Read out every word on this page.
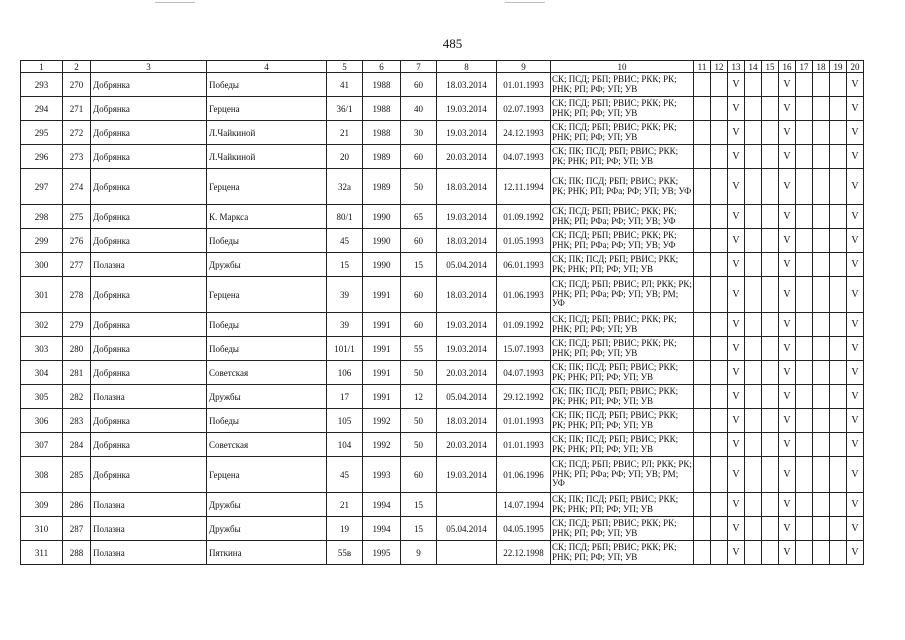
485
1	2	3	4	5	6	7	8	9	10	11	12	13	14	15	16	17	18	19	20
293	270	Добрянка	Победы	41	1988	60	18.03.2014	01.01.1993	СК; ПСД; РБП; РВИС; РКК; РК; РНК; РП; РФ; УП; УВ			V			V				V
294	271	Добрянка	Герцена	36/1	1988	40	19.03.2014	02.07.1993	СК; ПСД; РБП; РВИС; РКК; РК; РНК; РП; РФ; УП; УВ			V			V				V
295	272	Добрянка	Л.Чайкиной	21	1988	30	19.03.2014	24.12.1993	СК; ПСД; РБП; РВИС; РКК; РК; РНК; РП; РФ; УП; УВ			V			V				V
296	273	Добрянка	Л.Чайкиной	20	1989	60	20.03.2014	04.07.1993	СК; ПК; ПСД; РБП; РВИС; РКК; РК; РНК; РП; РФ; УП; УВ			V			V				V
297	274	Добрянка	Герцена	32а	1989	50	18.03.2014	12.11.1994	СК; ПК; ПСД; РБП; РВИС; РКК; РК; РНК; РП; РФа; РФ; УП; УВ; УФ			V			V				V
298	275	Добрянка	К. Маркса	80/1	1990	65	19.03.2014	01.09.1992	СК; ПСД; РБП; РВИС; РКК; РК; РНК; РП; РФа; РФ; УП; УВ; УФ			V			V				V
299	276	Добрянка	Победы	45	1990	60	18.03.2014	01.05.1993	СК; ПСД; РБП; РВИС; РКК; РК; РНК; РП; РФа; РФ; УП; УВ; УФ			V			V				V
300	277	Полазна	Дружбы	15	1990	15	05.04.2014	06.01.1993	СК; ПК; ПСД; РБП; РВИС; РКК; РК; РНК; РП; РФ; УП; УВ			V			V				V
301	278	Добрянка	Герцена	39	1991	60	18.03.2014	01.06.1993	СК; ПСД; РБП; РВИС; РЛ; РКК; РК; РНК; РП; РФа; РФ; УП; УВ; РМ; УФ			V			V				V
302	279	Добрянка	Победы	39	1991	60	19.03.2014	01.09.1992	СК; ПСД; РБП; РВИС; РКК; РК; РНК; РП; РФ; УП; УВ			V			V				V
303	280	Добрянка	Победы	101/1	1991	55	19.03.2014	15.07.1993	СК; ПСД; РБП; РВИС; РКК; РК; РНК; РП; РФ; УП; УВ			V			V				V
304	281	Добрянка	Советская	106	1991	50	20.03.2014	04.07.1993	СК; ПК; ПСД; РБП; РВИС; РКК; РК; РНК; РП; РФ; УП; УВ			V			V				V
305	282	Полазна	Дружбы	17	1991	12	05.04.2014	29.12.1992	СК; ПК; ПСД; РБП; РВИС; РКК; РК; РНК; РП; РФ; УП; УВ			V			V				V
306	283	Добрянка	Победы	105	1992	50	18.03.2014	01.01.1993	СК; ПК; ПСД; РБП; РВИС; РКК; РК; РНК; РП; РФ; УП; УВ			V			V				V
307	284	Добрянка	Советская	104	1992	50	20.03.2014	01.01.1993	СК; ПК; ПСД; РБП; РВИС; РКК; РК; РНК; РП; РФ; УП; УВ			V			V				V
308	285	Добрянка	Герцена	45	1993	60	19.03.2014	01.06.1996	СК; ПСД; РБП; РВИС; РЛ; РКК; РК; РНК; РП; РФа; РФ; УП; УВ; РМ; УФ			V			V				V
309	286	Полазна	Дружбы	21	1994	15		14.07.1994	СК; ПК; ПСД; РБП; РВИС; РКК; РК; РНК; РП; РФ; УП; УВ			V			V				V
310	287	Полазна	Дружбы	19	1994	15	05.04.2014	04.05.1995	СК; ПСД; РБП; РВИС; РКК; РК; РНК; РП; РФ; УП; УВ			V			V				V
311	288	Полазна	Пяткина	55в	1995	9		22.12.1998	СК; ПСД; РБП; РВИС; РКК; РК; РНК; РП; РФ; УП; УВ			V			V				V
